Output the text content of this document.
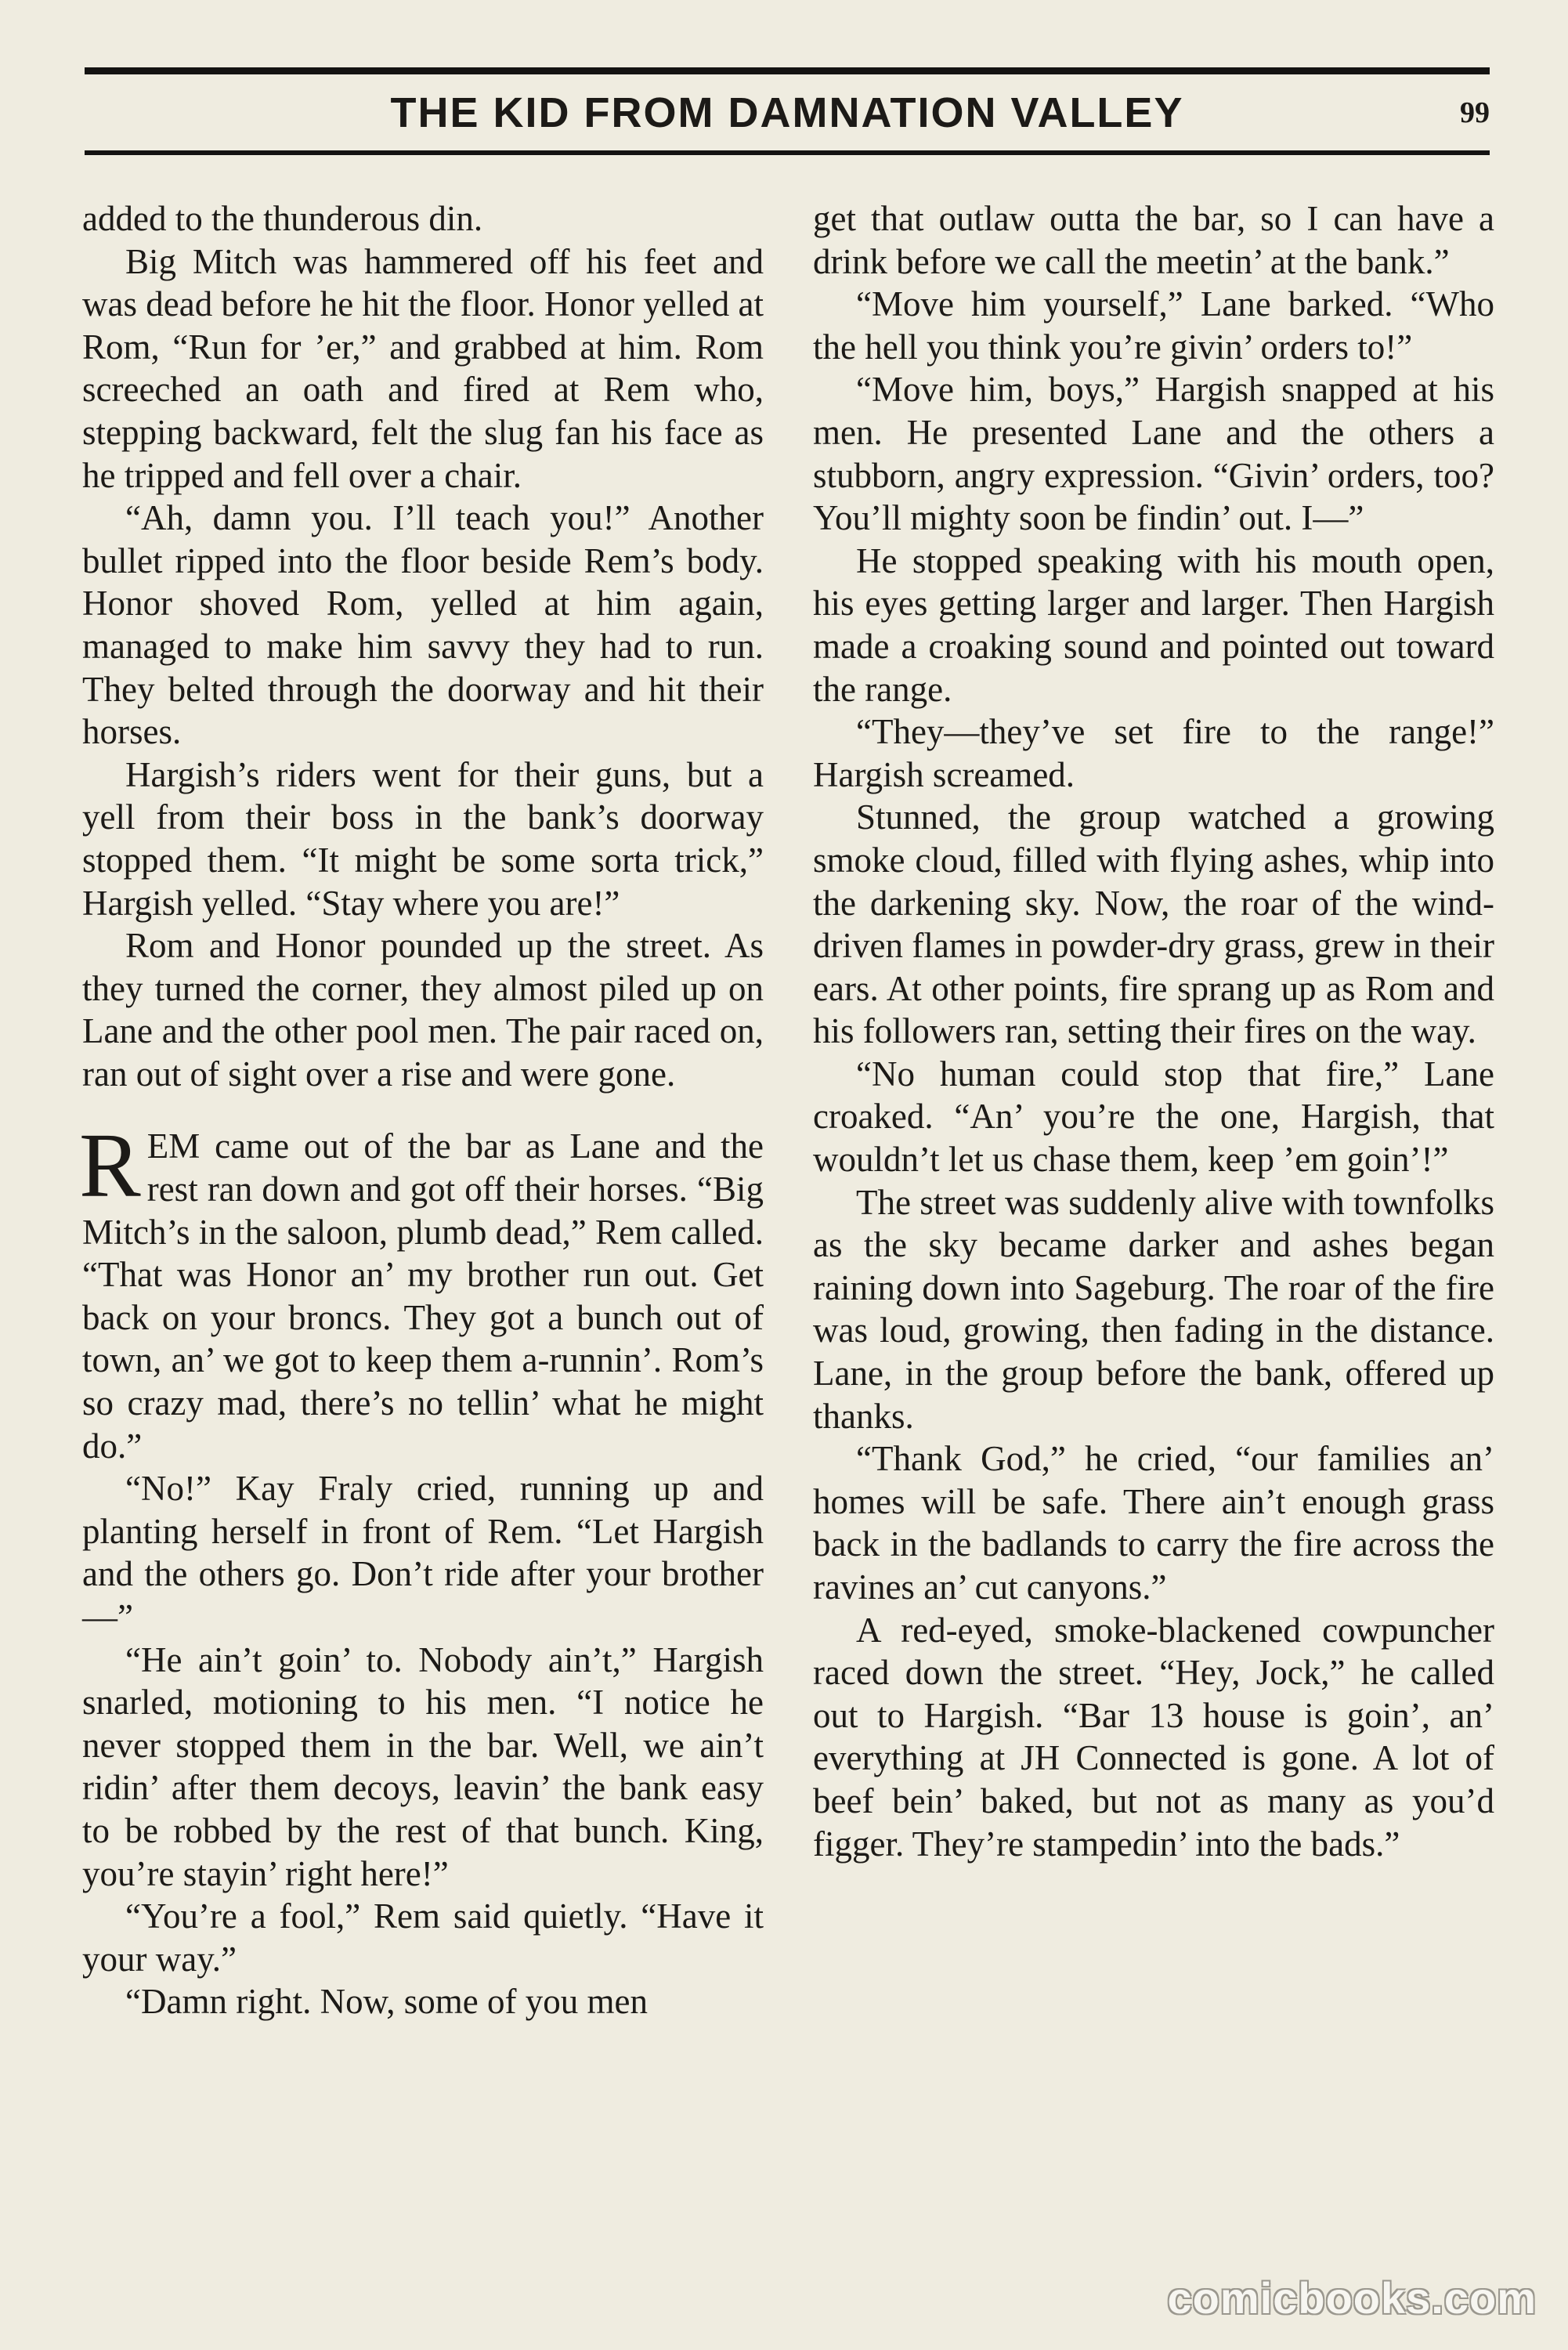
THE KID FROM DAMNATION VALLEY	99

added to the thunderous din.

Big Mitch was hammered off his feet and was dead before he hit the floor. Honor yelled at Rom, “Run for ’er,” and grabbed at him. Rom screeched an oath and fired at Rem who, stepping backward, felt the slug fan his face as he tripped and fell over a chair.

“Ah, damn you. I’ll teach you!” Another bullet ripped into the floor beside Rem’s body. Honor shoved Rom, yelled at him again, managed to make him savvy they had to run. They belted through the doorway and hit their horses.

Hargish’s riders went for their guns, but a yell from their boss in the bank’s doorway stopped them. “It might be some sorta trick,” Hargish yelled. “Stay where you are!”

Rom and Honor pounded up the street. As they turned the corner, they almost piled up on Lane and the other pool men. The pair raced on, ran out of sight over a rise and were gone.

REM came out of the bar as Lane and the rest ran down and got off their horses. “Big Mitch’s in the saloon, plumb dead,” Rem called. “That was Honor an’ my brother run out. Get back on your broncs. They got a bunch out of town, an’ we got to keep them a-runnin’. Rom’s so crazy mad, there’s no tellin’ what he might do.”

“No!” Kay Fraly cried, running up and planting herself in front of Rem. “Let Hargish and the others go. Don’t ride after your brother—”

“He ain’t goin’ to. Nobody ain’t,” Hargish snarled, motioning to his men. “I notice he never stopped them in the bar. Well, we ain’t ridin’ after them decoys, leavin’ the bank easy to be robbed by the rest of that bunch. King, you’re stayin’ right here!”

“You’re a fool,” Rem said quietly. “Have it your way.”

“Damn right. Now, some of you men

get that outlaw outta the bar, so I can have a drink before we call the meetin’ at the bank.”

“Move him yourself,” Lane barked. “Who the hell you think you’re givin’ orders to!”

“Move him, boys,” Hargish snapped at his men. He presented Lane and the others a stubborn, angry expression. “Givin’ orders, too? You’ll mighty soon be findin’ out. I—”

He stopped speaking with his mouth open, his eyes getting larger and larger. Then Hargish made a croaking sound and pointed out toward the range.

“They—they’ve set fire to the range!” Hargish screamed.

Stunned, the group watched a growing smoke cloud, filled with flying ashes, whip into the darkening sky. Now, the roar of the wind-driven flames in powder-dry grass, grew in their ears. At other points, fire sprang up as Rom and his followers ran, setting their fires on the way.

“No human could stop that fire,” Lane croaked. “An’ you’re the one, Hargish, that wouldn’t let us chase them, keep ’em goin’!”

The street was suddenly alive with townfolks as the sky became darker and ashes began raining down into Sageburg. The roar of the fire was loud, growing, then fading in the distance. Lane, in the group before the bank, offered up thanks.

“Thank God,” he cried, “our families an’ homes will be safe. There ain’t enough grass back in the badlands to carry the fire across the ravines an’ cut canyons.”

A red-eyed, smoke-blackened cowpuncher raced down the street. “Hey, Jock,” he called out to Hargish. “Bar 13 house is goin’, an’ everything at JH Connected is gone. A lot of beef bein’ baked, but not as many as you’d figger. They’re stampedin’ into the bads.”

comicbooks.com
